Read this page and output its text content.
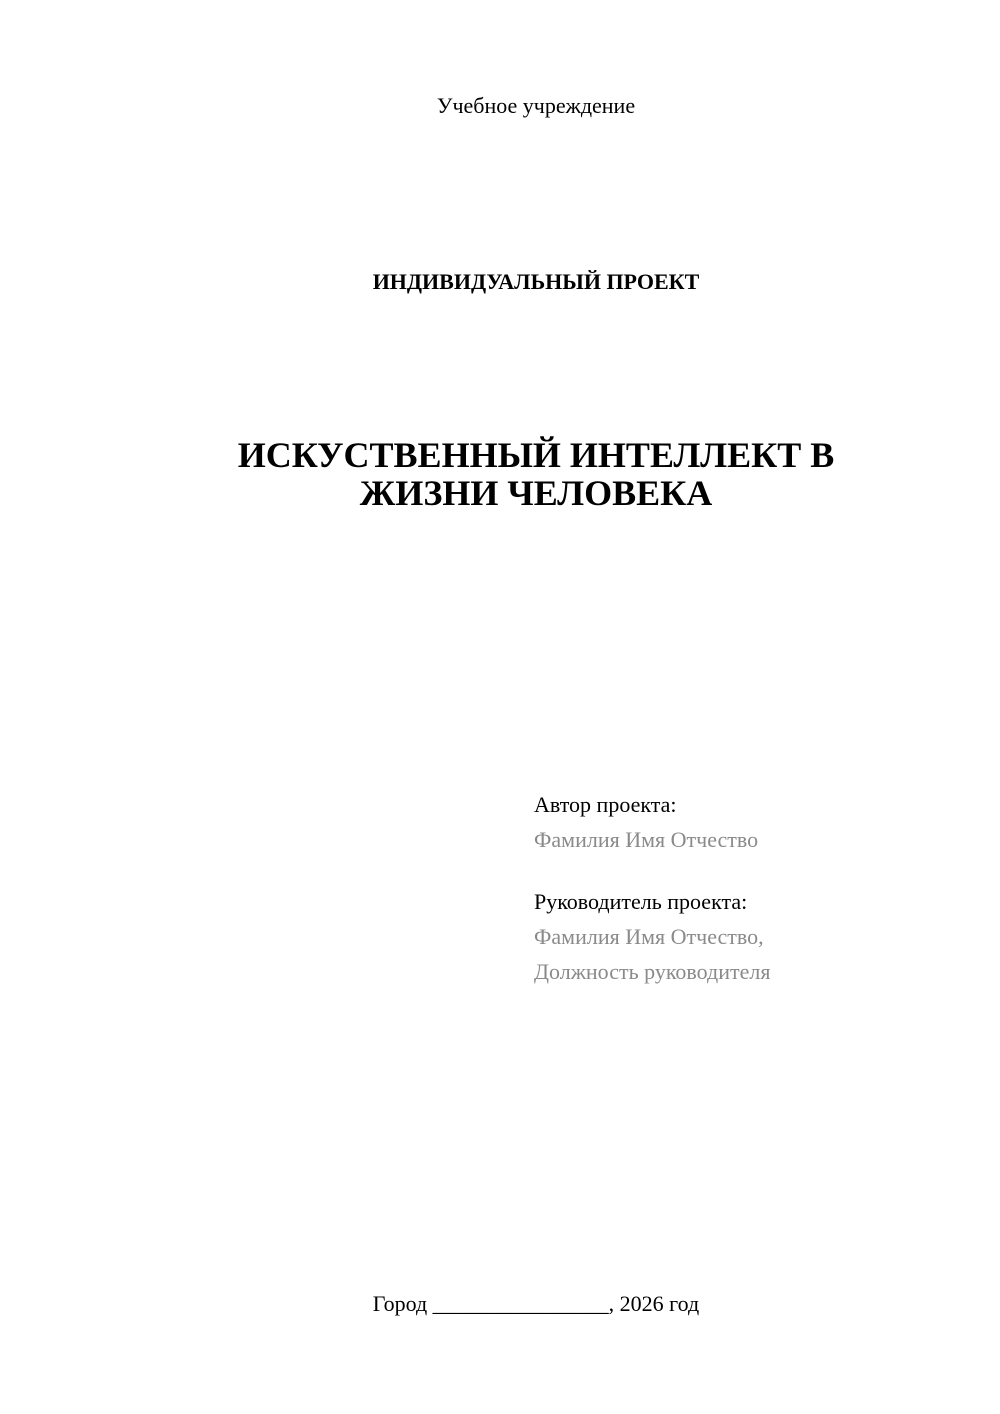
Учебное учреждение
ИНДИВИДУАЛЬНЫЙ ПРОЕКТ
ИСКУСТВЕННЫЙ ИНТЕЛЛЕКТ В
ЖИЗНИ ЧЕЛОВЕКА
Автор проекта:
Фамилия Имя Отчество
Руководитель проекта:
Фамилия Имя Отчество,
Должность руководителя
Город ________________, 2026 год
